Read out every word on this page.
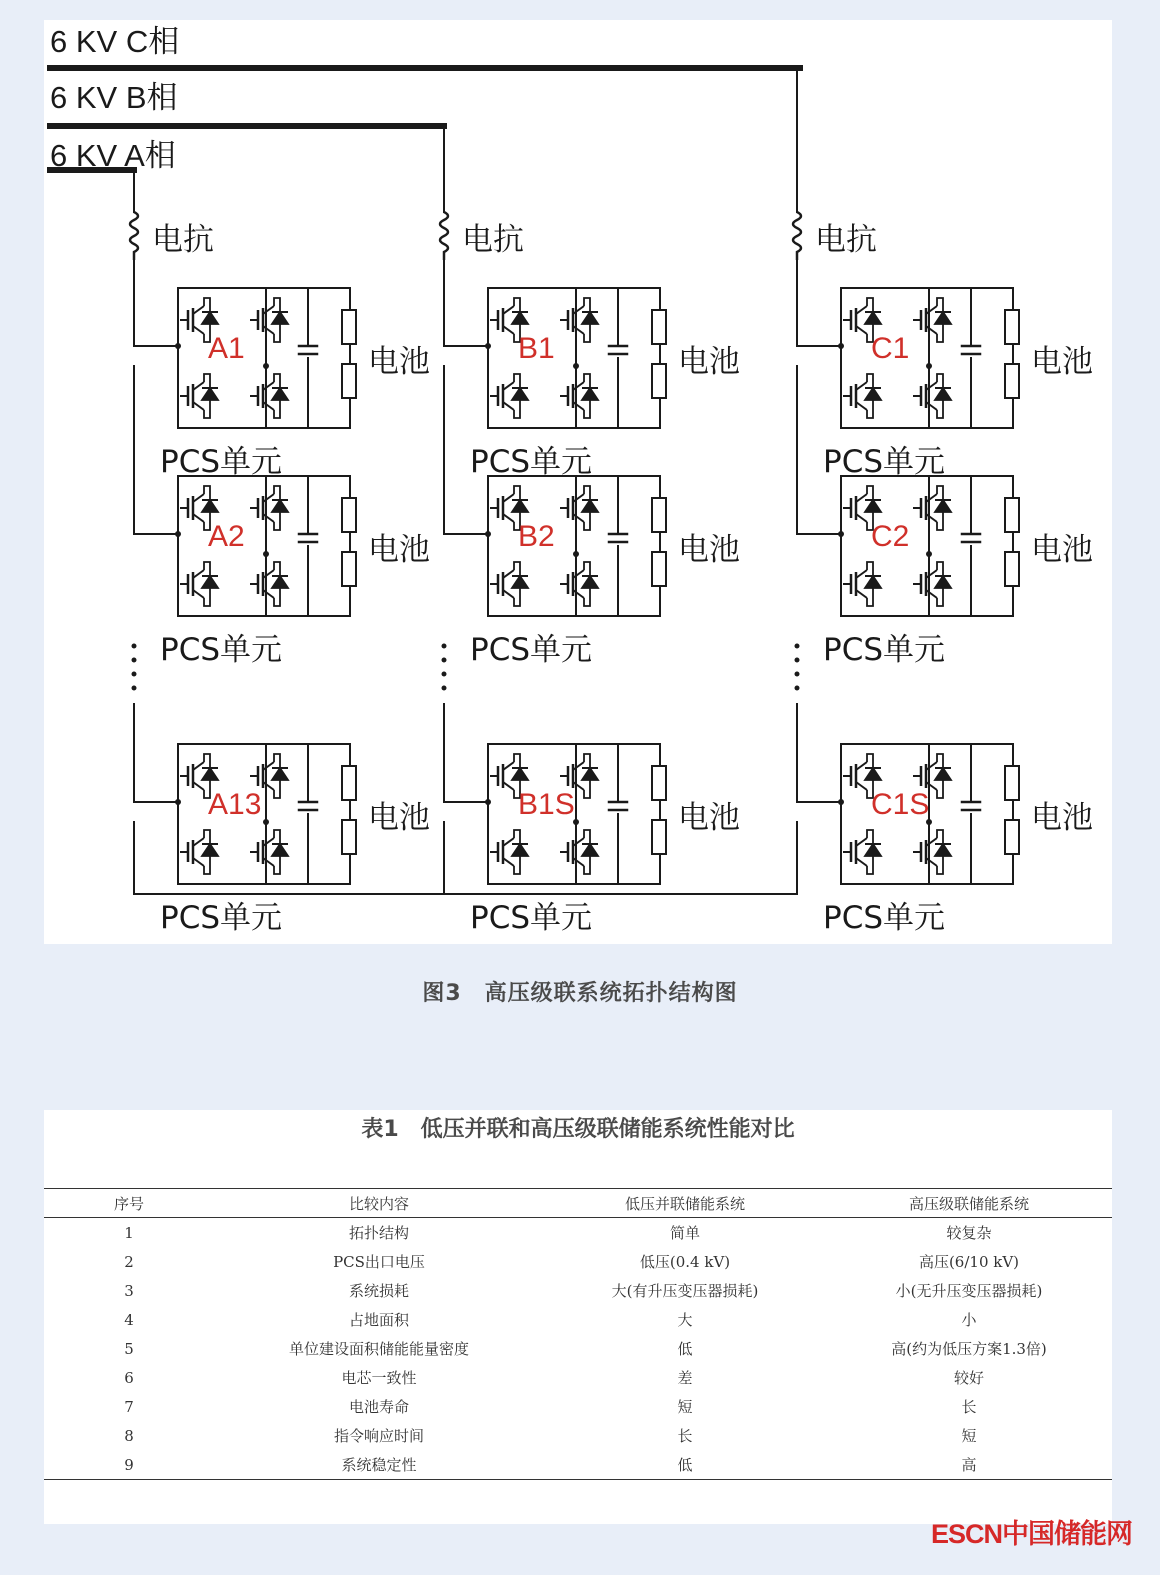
6 KV C相
6 KV B相
6 KV A相
电抗
A1	电池
PCS单元
A2	电池
PCS单元
A13	电池
PCS单元
电抗
B1	电池
PCS单元
B2	电池
PCS单元
B1S	电池
PCS单元
电抗
C1	电池
PCS单元
C2	电池
PCS单元
C1S	电池
PCS单元
图3　高压级联系统拓扑结构图
表1　低压并联和高压级联储能系统性能对比
序号	比较内容	低压并联储能系统	高压级联储能系统
1	拓扑结构	简单	较复杂
2	PCS出口电压	低压(0.4 kV)	高压(6/10 kV)
3	系统损耗	大(有升压变压器损耗)	小(无升压变压器损耗)
4	占地面积	大	小
5	单位建设面积储能能量密度	低	高(约为低压方案1.3倍)
6	电芯一致性	差	较好
7	电池寿命	短	长
8	指令响应时间	长	短
9	系统稳定性	低	高
ESCN中国储能网
